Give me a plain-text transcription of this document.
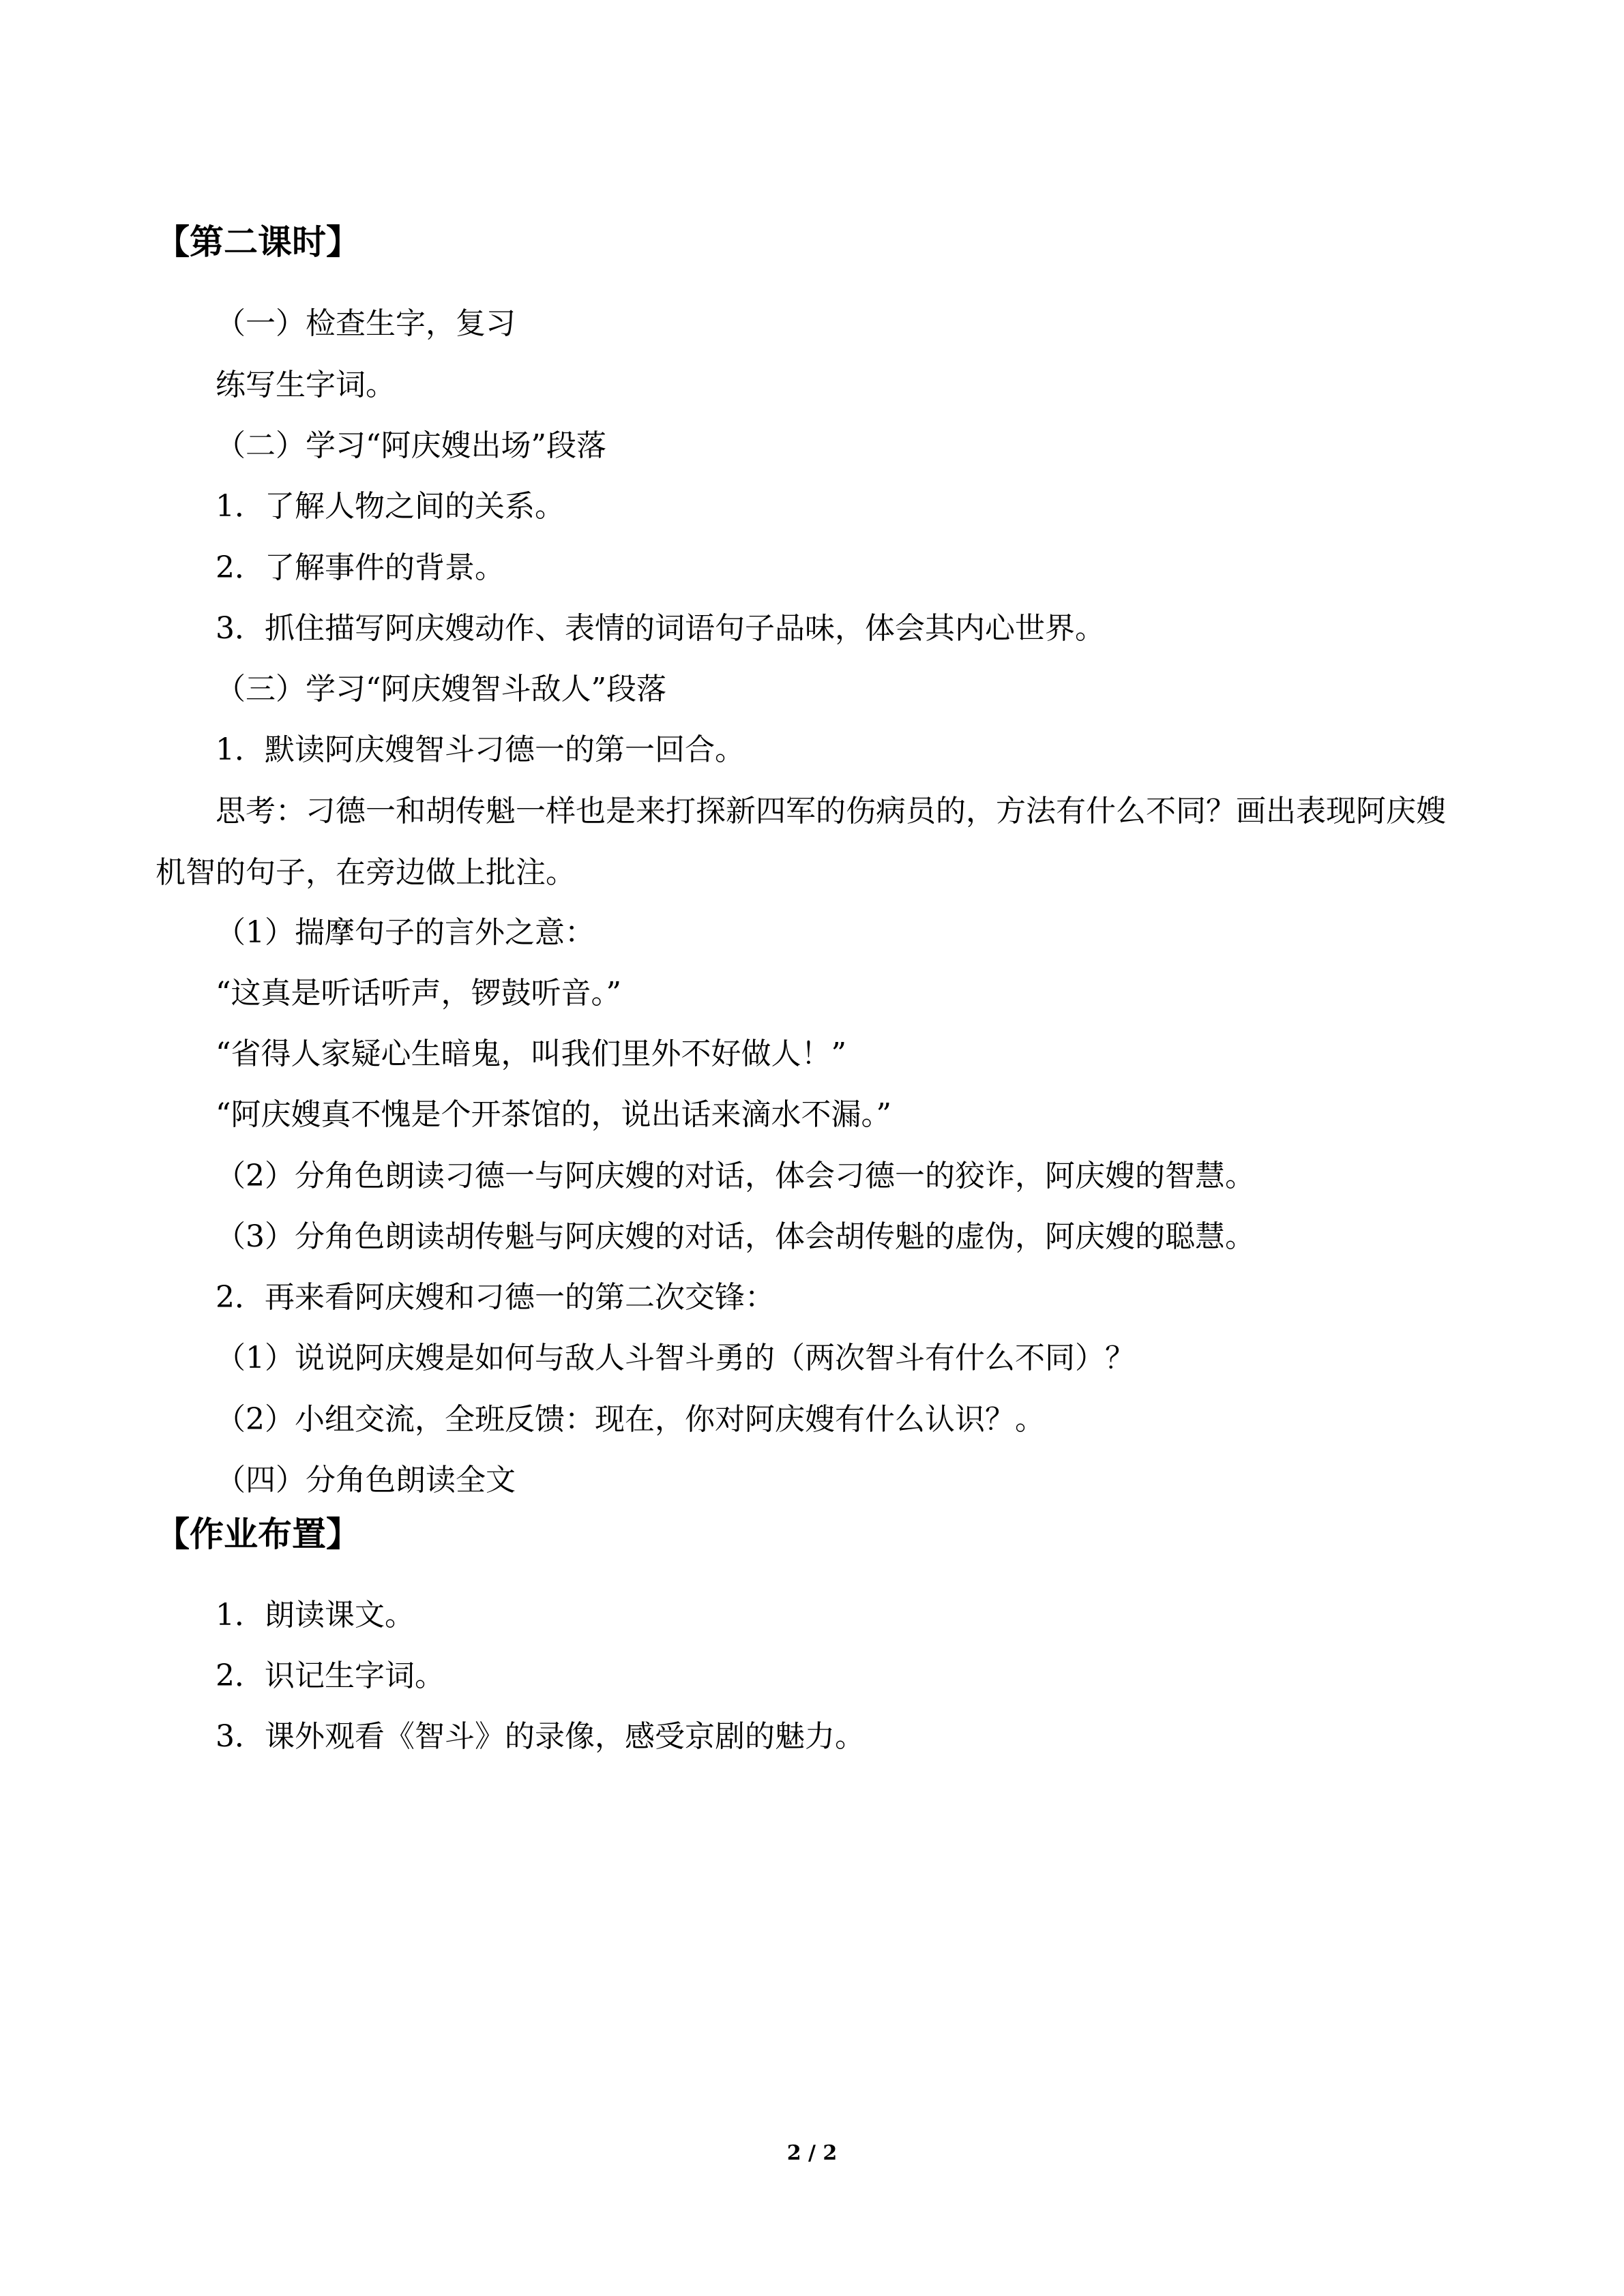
【第二课时】
（一）检查生字，复习
练写生字词。
（二）学习“阿庆嫂出场”段落
1．了解人物之间的关系。
2．了解事件的背景。
3．抓住描写阿庆嫂动作、表情的词语句子品味，体会其内心世界。
（三）学习“阿庆嫂智斗敌人”段落
1．默读阿庆嫂智斗刁德一的第一回合。
思考：刁德一和胡传魁一样也是来打探新四军的伤病员的，方法有什么不同？画出表现阿庆嫂机智的句子，在旁边做上批注。
（1）揣摩句子的言外之意：
“这真是听话听声，锣鼓听音。”
“省得人家疑心生暗鬼，叫我们里外不好做人！”
“阿庆嫂真不愧是个开茶馆的，说出话来滴水不漏。”
（2）分角色朗读刁德一与阿庆嫂的对话，体会刁德一的狡诈，阿庆嫂的智慧。
（3）分角色朗读胡传魁与阿庆嫂的对话，体会胡传魁的虚伪，阿庆嫂的聪慧。
2．再来看阿庆嫂和刁德一的第二次交锋：
（1）说说阿庆嫂是如何与敌人斗智斗勇的（两次智斗有什么不同）？
（2）小组交流，全班反馈：现在，你对阿庆嫂有什么认识？。
（四）分角色朗读全文
【作业布置】
1．朗读课文。
2．识记生字词。
3．课外观看《智斗》的录像，感受京剧的魅力。
2 / 2
